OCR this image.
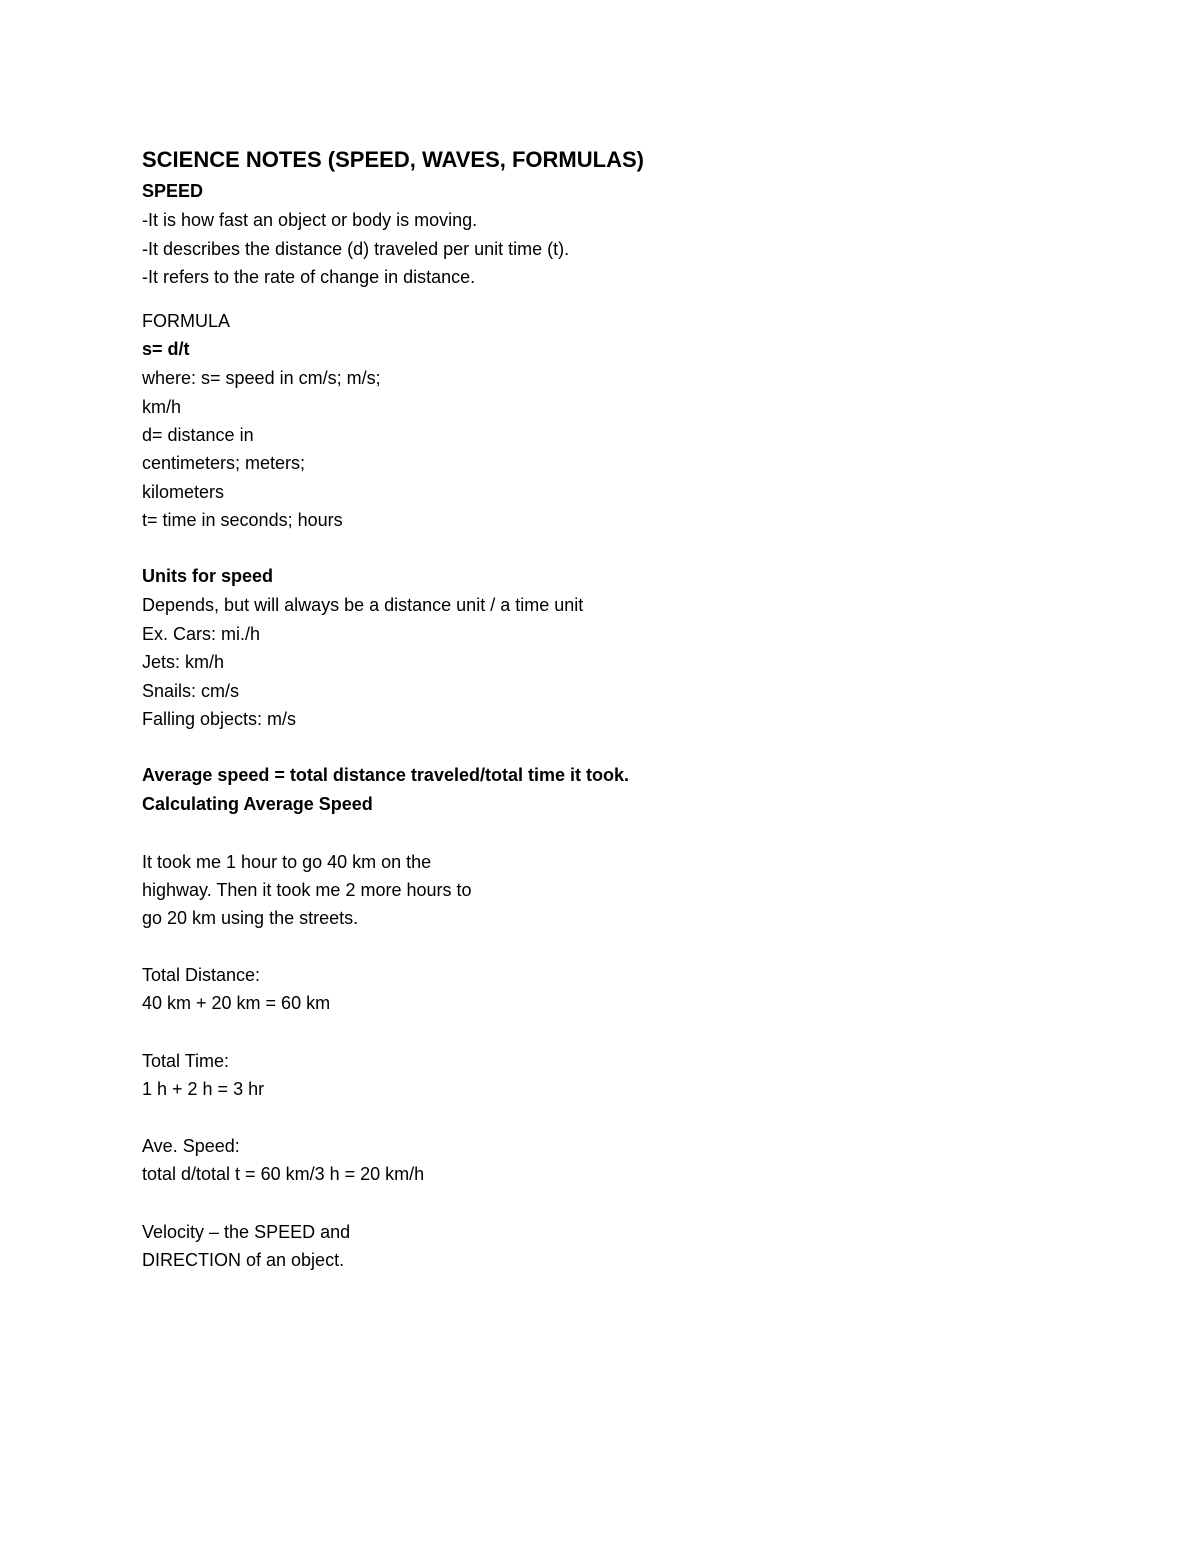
SCIENCE NOTES (SPEED, WAVES, FORMULAS)
SPEED
-It is how fast an object or body is moving.
-It describes the distance (d) traveled per unit time (t).
-It refers to the rate of change in distance.
FORMULA
s= d/t
where: s= speed in cm/s; m/s;
km/h
d= distance in
centimeters; meters;
kilometers
t= time in seconds; hours
Units for speed
Depends, but will always be a distance unit / a time unit
Ex. Cars: mi./h
Jets: km/h
Snails: cm/s
Falling objects: m/s
Average speed = total distance traveled/total time it took.
Calculating Average Speed
It took me 1 hour to go 40 km on the
highway. Then it took me 2 more hours to
go 20 km using the streets.
Total Distance:
40 km + 20 km = 60 km
Total Time:
1 h + 2 h = 3 hr
Ave. Speed:
total d/total t = 60 km/3 h = 20 km/h
Velocity – the SPEED and
DIRECTION of an object.
